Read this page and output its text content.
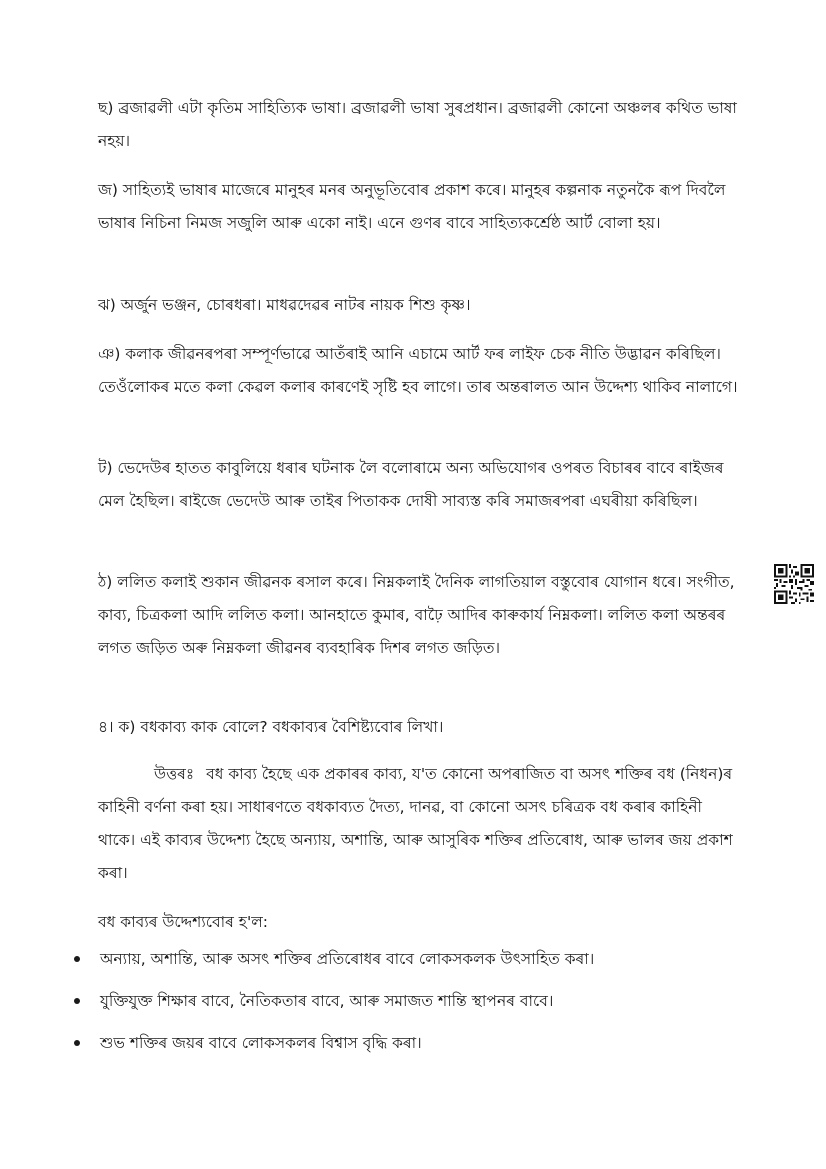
ছ) ব্ৰজাৱলী এটা কৃতিম সাহিত্যিক ভাষা। ব্ৰজাৱলী ভাষা সুৰপ্ৰধান। ব্ৰজাৱলী কোনো অঞ্চলৰ কথিত ভাষা নহয়।

জ) সাহিত্যই ভাষাৰ মাজেৰে মানুহৰ মনৰ অনুভূতিবোৰ প্ৰকাশ কৰে। মানুহৰ কল্পনাক নতুনকৈ ৰূপ দিবলৈ ভাষাৰ নিচিনা নিমজ সজুলি আৰু একো নাই। এনে গুণৰ বাবে সাহিত্যকৰ্শ্ৰেষ্ঠ আৰ্ট বোলা হয়।

ঝ) অৰ্জুন ভঞ্জন, চোৰধৰা। মাধৱদেৱৰ নাটৰ নায়ক শিশু কৃষ্ণ।

ঞ) কলাক জীৱনৰপৰা সম্পূৰ্ণভাৱে আতঁৰাই আনি এচামে আৰ্ট ফৰ লাইফ চেক নীতি উদ্ভাৱন কৰিছিল। তেওঁলোকৰ মতে কলা কেৱল কলাৰ কাৰণেই সৃষ্টি হব লাগে। তাৰ অন্তৰালত আন উদ্দেশ্য থাকিব নালাগে।

ট) ভেদেউৰ হাতত কাবুলিয়ে ধৰাৰ ঘটনাক লৈ বলোৰামে অন্য অভিযোগৰ ওপৰত বিচাৰৰ বাবে ৰাইজৰ মেল হৈছিল। ৰাইজে ভেদেউ আৰু তাইৰ পিতাকক দোষী সাব্যস্ত কৰি সমাজৰপৰা এঘৰীয়া কৰিছিল।

ঠ) ললিত কলাই শুকান জীৱনক ৰসাল কৰে। নিম্নকলাই দৈনিক লাগতিয়াল বস্তুবোৰ যোগান ধৰে। সংগীত, কাব্য, চিত্ৰকলা আদি ললিত কলা। আনহাতে কুমাৰ, বাঢ়ৈ আদিৰ কাৰুকাৰ্য নিম্নকলা। ললিত কলা অন্তৰৰ লগত জড়িত অৰু নিম্নকলা জীৱনৰ ব্যবহাৰিক দিশৰ লগত জড়িত।

৪। ক) বধকাব্য কাক বোলে? বধকাব্যৰ বৈশিষ্ট্যবোৰ লিখা।

উত্তৰঃ বধ কাব্য হৈছে এক প্ৰকাৰৰ কাব্য, য'ত কোনো অপৰাজিত বা অসৎ শক্তিৰ বধ (নিধন)ৰ কাহিনী বৰ্ণনা কৰা হয়। সাধাৰণতে বধকাব্যত দৈত্য, দানৱ, বা কোনো অসৎ চৰিত্ৰক বধ কৰাৰ কাহিনী থাকে। এই কাব্যৰ উদ্দেশ্য হৈছে অন্যায়, অশান্তি, আৰু আসুৰিক শক্তিৰ প্ৰতিৰোধ, আৰু ভালৰ জয় প্ৰকাশ কৰা।

বধ কাব্যৰ উদ্দেশ্যবোৰ হ'ল:

অন্যায়, অশান্তি, আৰু অসৎ শক্তিৰ প্ৰতিৰোধৰ বাবে লোকসকলক উৎসাহিত কৰা।
যুক্তিযুক্ত শিক্ষাৰ বাবে, নৈতিকতাৰ বাবে, আৰু সমাজত শান্তি স্থাপনৰ বাবে।
শুভ শক্তিৰ জয়ৰ বাবে লোকসকলৰ বিশ্বাস বৃদ্ধি কৰা।
